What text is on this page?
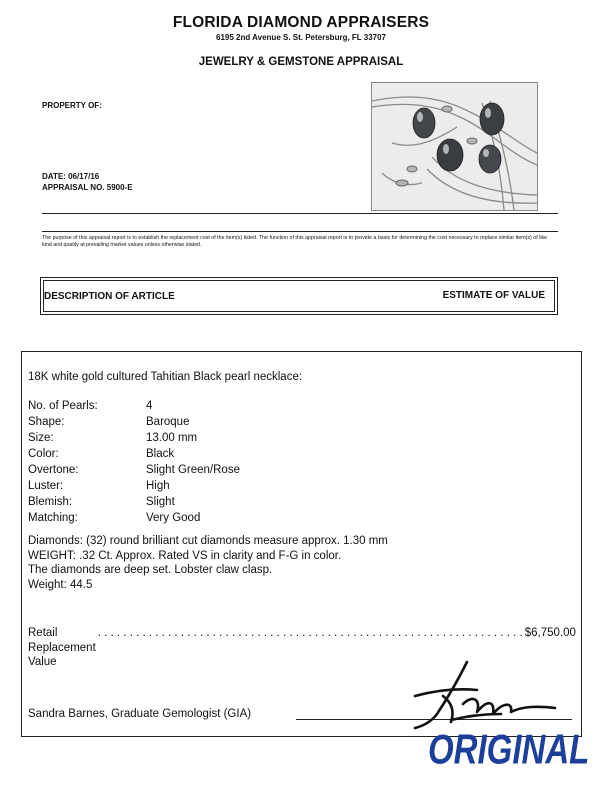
FLORIDA DIAMOND APPRAISERS
6195 2nd Avenue S. St. Petersburg, FL 33707
JEWELRY & GEMSTONE APPRAISAL
PROPERTY OF:
DATE: 06/17/16
APPRAISAL NO. 5900-E
The purpose of this appraisal report is to establish the replacement cost of the item(s) listed. The function of this appraisal report is to provide a basis for determining the cost necessary to replace similar item(s) of like kind and quality at prevailing market values unless otherwise stated.
DESCRIPTION OF ARTICLE	ESTIMATE OF VALUE
18K white gold cultured Tahitian Black pearl necklace:
No. of Pearls:	4
Shape:	Baroque
Size:	13.00 mm
Color:	Black
Overtone:	Slight Green/Rose
Luster:	High
Blemish:	Slight
Matching:	Very Good
Diamonds: (32) round brilliant cut diamonds measure approx. 1.30 mm
WEIGHT: .32 Ct. Approx. Rated VS in clarity and F-G in color.
The diamonds are deep set. Lobster claw clasp.
Weight: 44.5
Retail Replacement Value
. . . . . . . . . . . . . . . . . . . . . . . . . . . . . . . . . . . . . . . . . . . . . . . . . . . . . . . . . . . . . . . . . . . $6,750.00
Sandra Barnes, Graduate Gemologist (GIA)
ORIGINAL
